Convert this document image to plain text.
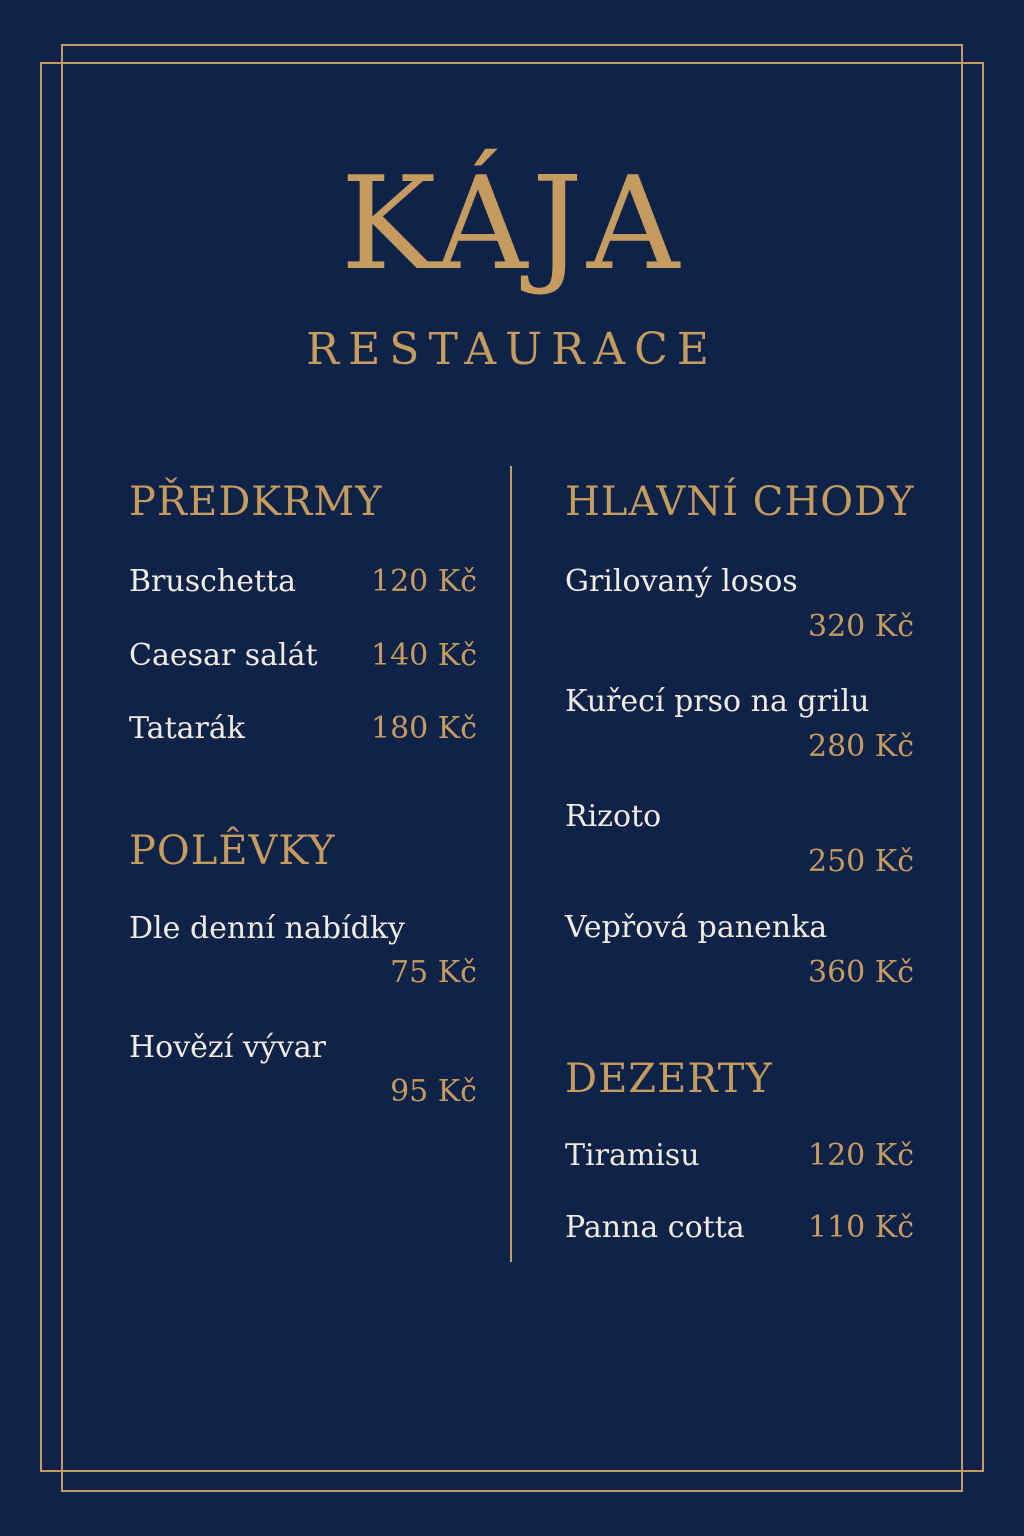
KÁJA
RESTAURACE
PŘEDKRMY
Bruschetta	120 Kč
Caesar salát	140 Kč
Tatarák	180 Kč
POLÊVKY
Dle denní nabídky
75 Kč
Hovězí vývar
95 Kč
HLAVNÍ CHODY
Grilovaný losos
320 Kč
Kuřecí prso na grilu
280 Kč
Rizoto
250 Kč
Vepřová panenka
360 Kč
DEZERTY
Tiramisu	120 Kč
Panna cotta	110 Kč
